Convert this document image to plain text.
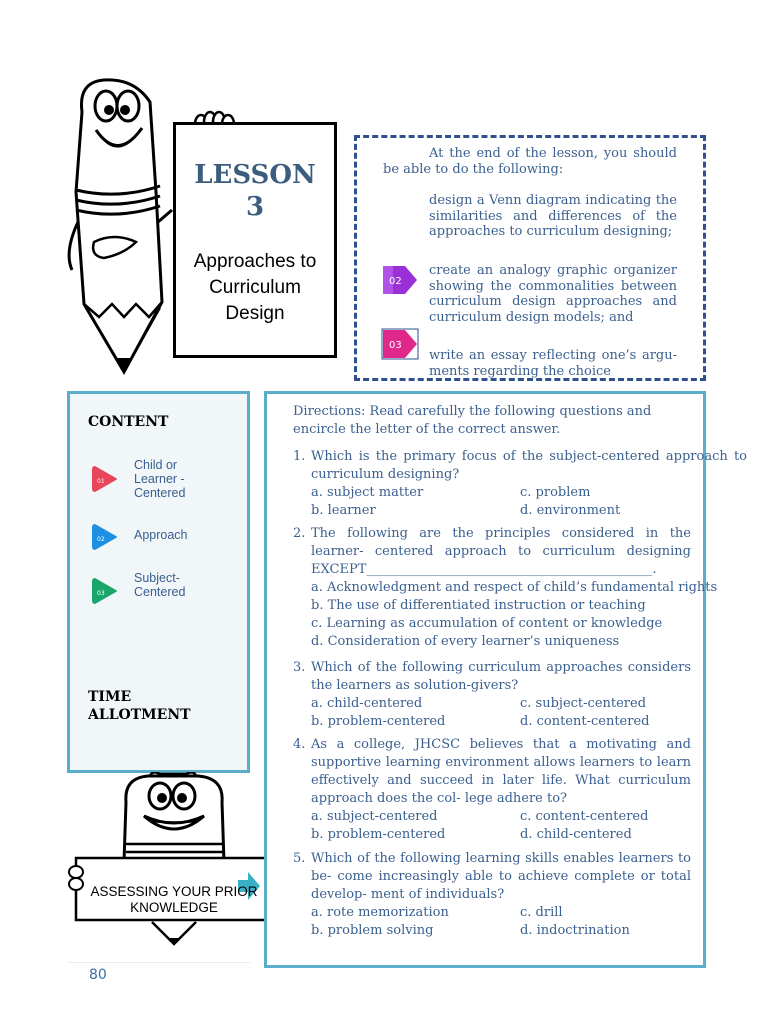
LESSON
3
Approaches to Curriculum Design
At the end of the lesson, you should be able to do the following:
design a Venn diagram indicating the similarities and differences of the approaches to curriculum designing;
02
create an analogy graphic organizer showing the commonalities between curriculum design approaches and curriculum design models; and
03
write an essay reflecting one’s argu- ments regarding the choice
CONTENT
01
Child or Learner - Centered
02 Approach
03
Subject-Centered
TIME ALLOTMENT
ASSESSING YOUR PRIOR KNOWLEDGE
Directions: Read carefully the following questions and encircle the letter of the correct answer.
1. Which is the primary focus of the subject-centered approach to curriculum designing?
a. subject matter
b. learner
c. problem
d. environment
2. The following are the principles considered in the learner- centered approach to curriculum designing EXCEPT____________________________________________.
a. Acknowledgment and respect of child’s fundamental rights
b. The use of differentiated instruction or teaching
c. Learning as accumulation of content or knowledge
d. Consideration of every learner’s uniqueness
3. Which of the following curriculum approaches considers the learners as solution-givers?
a. child-centered
b. problem-centered
c. subject-centered
d. content-centered
4. As a college, JHCSC believes that a motivating and supportive learning environment allows learners to learn effectively and succeed in later life. What curriculum approach does the col- lege adhere to?
a. subject-centered
b. problem-centered
c. content-centered
d. child-centered
5. Which of the following learning skills enables learners to be- come increasingly able to achieve complete or total develop- ment of individuals?
a. rote memorization
b. problem solving
c. drill
d. indoctrination
80
